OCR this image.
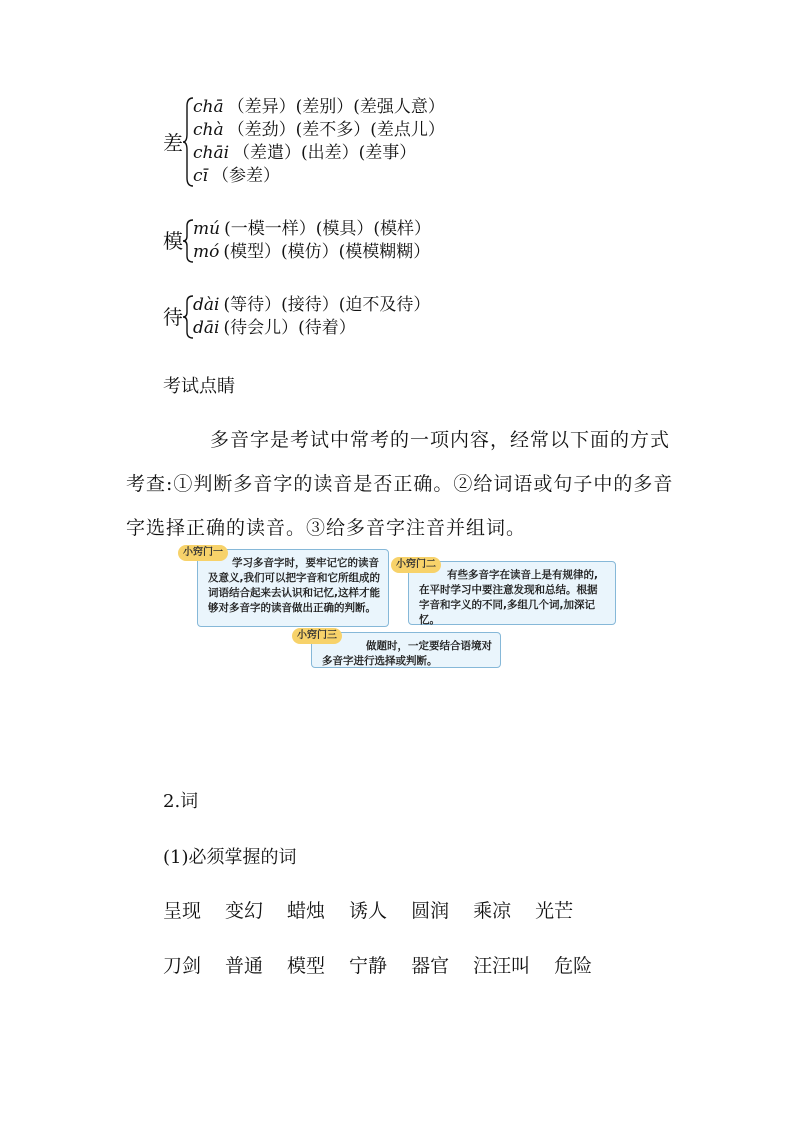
差
chā （差异）(差别）(差强人意）
chà （差劲）(差不多）(差点儿）
chāi （差遣）(出差）(差事）
cī （参差）
模 mú (一模一样）(模具）(模样）
mó (模型）(模仿）(模模糊糊）
待 dài (等待）(接待）(迫不及待）
dāi (待会儿）(待着）
考试点睛
多音字是考试中常考的一项内容，经常以下面的方式考查:①判断多音字的读音是否正确。②给词语或句子中的多音字选择正确的读音。③给多音字注音并组词。
学习多音字时，要牢记它的读音及意义,我们可以把字音和它所组成的词语结合起来去认识和记忆,这样才能够对多音字的读音做出正确的判断。
小窍门一
有些多音字在读音上是有规律的,在平时学习中要注意发现和总结。根据字音和字义的不同,多组几个词,加深记忆。
小窍门二
做题时，一定要结合语境对多音字进行选择或判断。
小窍门三
2.词
(1)必须掌握的词
呈现 变幻 蜡烛 诱人 圆润 乘凉 光芒
刀剑 普通 模型 宁静 器官 汪汪叫 危险
